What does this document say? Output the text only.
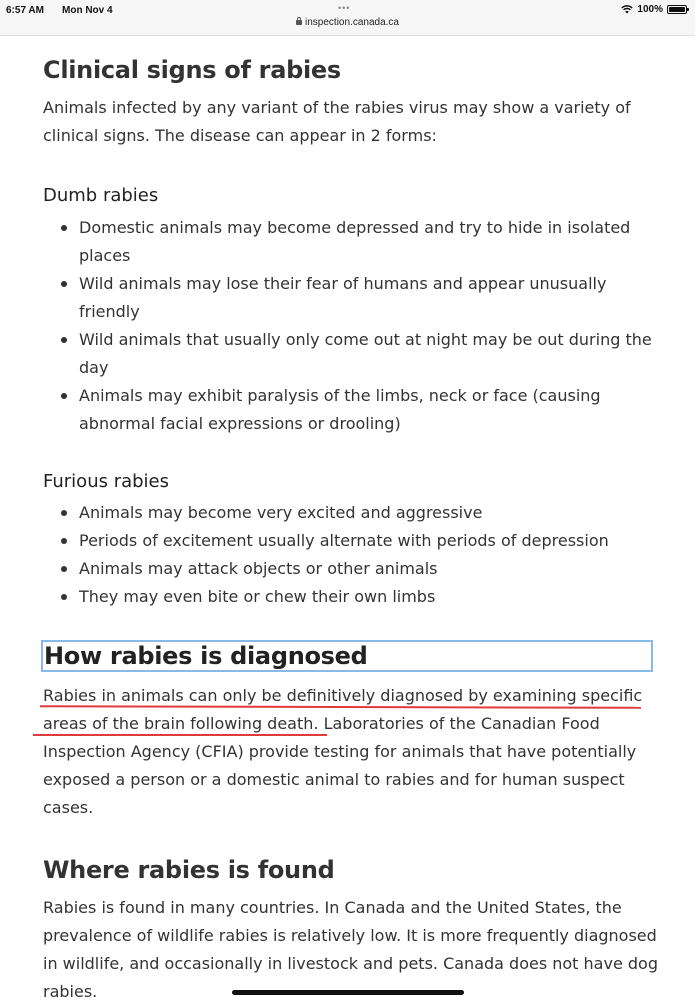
6:57 AM Mon Nov 4	•••
inspection.canada.ca
100%
Clinical signs of rabies

Animals infected by any variant of the rabies virus may show a variety of clinical signs. The disease can appear in 2 forms:

Dumb rabies
Domestic animals may become depressed and try to hide in isolated places
Wild animals may lose their fear of humans and appear unusually friendly
Wild animals that usually only come out at night may be out during the day
Animals may exhibit paralysis of the limbs, neck or face (causing abnormal facial expressions or drooling)
Furious rabies
Animals may become very excited and aggressive
Periods of excitement usually alternate with periods of depression
Animals may attack objects or other animals
They may even bite or chew their own limbs
How rabies is diagnosed

Rabies in animals can only be definitively diagnosed by examining specific areas of the brain following death. Laboratories of the Canadian Food Inspection Agency (CFIA) provide testing for animals that have potentially exposed a person or a domestic animal to rabies and for human suspect cases.

Where rabies is found

Rabies is found in many countries. In Canada and the United States, the prevalence of wildlife rabies is relatively low. It is more frequently diagnosed in wildlife, and occasionally in livestock and pets. Canada does not have dog rabies.
